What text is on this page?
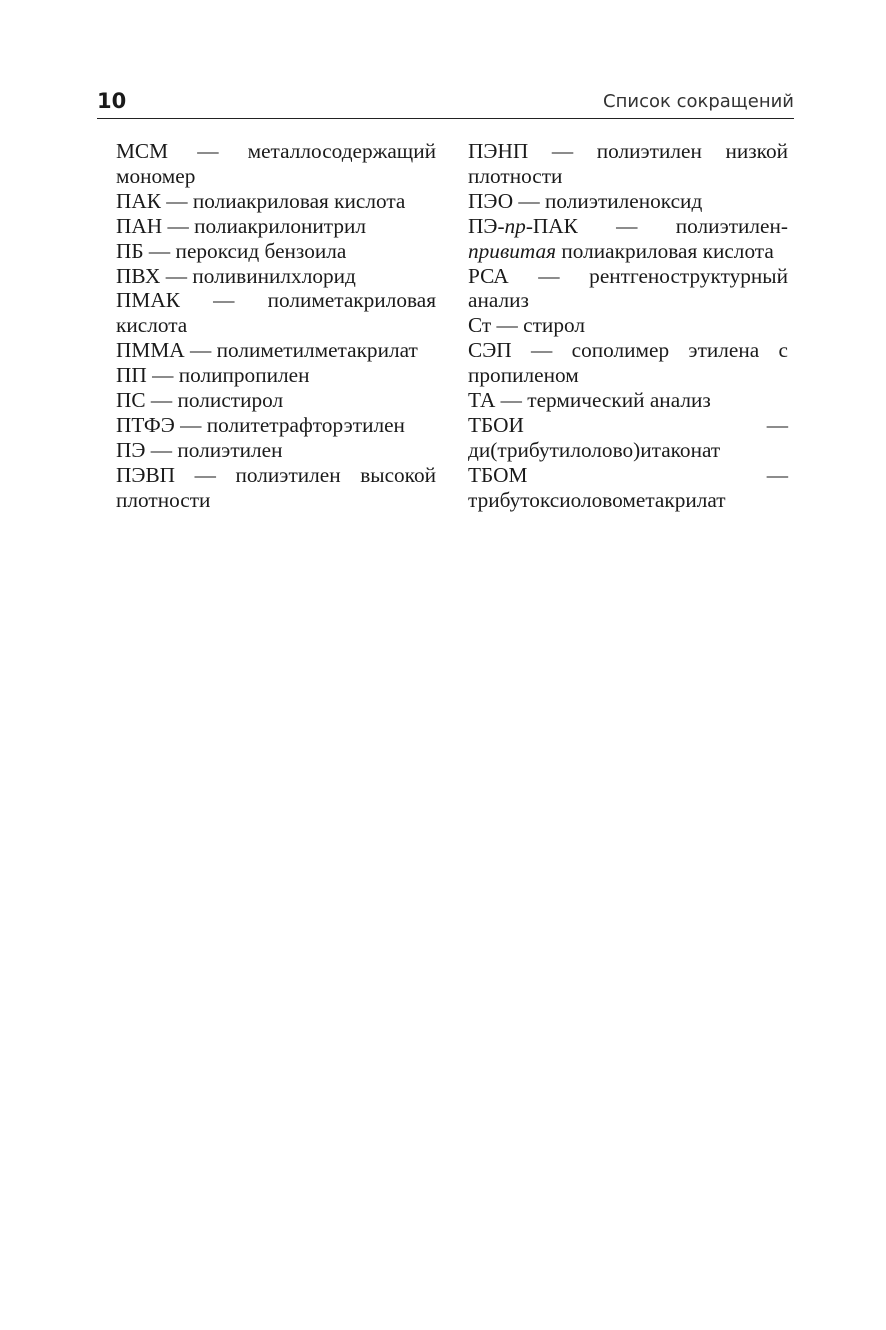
10	Список сокращений

МСМ — металлосодержащий мономер

ПАК — полиакриловая кислота

ПАН — полиакрилонитрил

ПБ — пероксид бензоила

ПВХ — поливинилхлорид

ПМАК — полиметакриловая кислота

ПММА — полиметилметакрилат

ПП — полипропилен

ПС — полистирол

ПТФЭ — политетрафторэтилен

ПЭ — полиэтилен

ПЭВП — полиэтилен высокой плотности

ПЭНП — полиэтилен низкой плотности

ПЭО — полиэтиленоксид

ПЭ-пр-ПАК — полиэтилен-привитая полиакриловая кислота

РСА — рентгеноструктурный анализ

Ст — стирол

СЭП — сополимер этилена с пропиленом

ТА — термический анализ

ТБОИ — ди(трибутилолово)итаконат

ТБОМ — трибутоксиоловометакрилат
